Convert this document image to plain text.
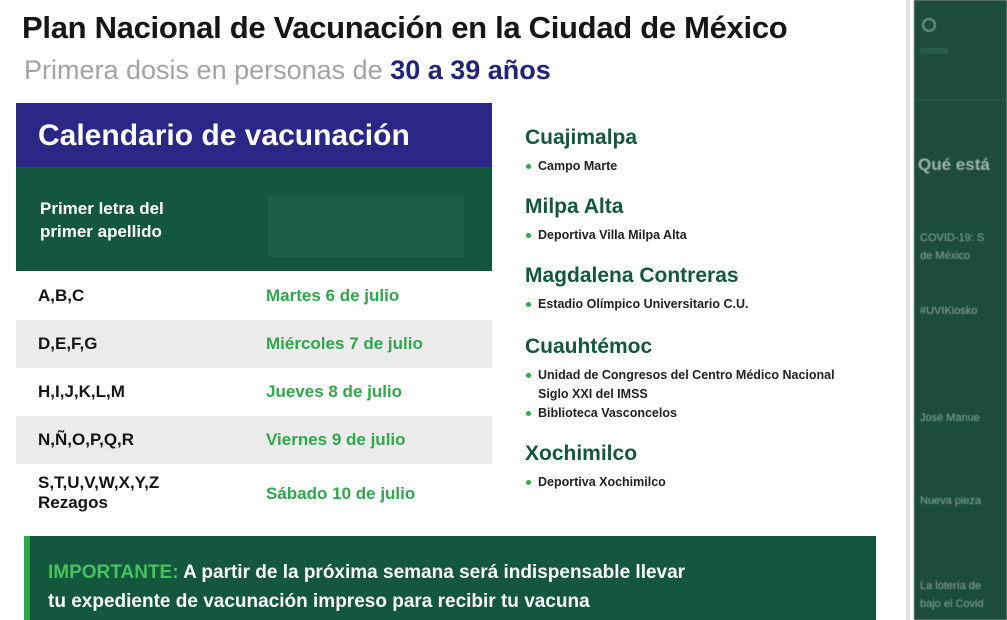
Plan Nacional de Vacunación en la Ciudad de México
Primera dosis en personas de 30 a 39 años
Calendario de vacunación
Primer letra del
primer apellido
A,B,C	Martes 6 de julio
D,E,F,G	Miércoles 7 de julio
H,I,J,K,L,M	Jueves 8 de julio
N,Ñ,O,P,Q,R	Viernes 9 de julio
S,T,U,V,W,X,Y,Z
Rezagos	Sábado 10 de julio
Cuajimalpa
Campo Marte
Milpa Alta
Deportiva Villa Milpa Alta
Magdalena Contreras
Estadio Olímpico Universitario C.U.
Cuauhtémoc
Unidad de Congresos del Centro Médico Nacional
Siglo XXI del IMSS
Biblioteca Vasconcelos
Xochimilco
Deportiva Xochimilco
IMPORTANTE: A partir de la próxima semana será indispensable llevar
tu expediente de vacunación impreso para recibir tu vacuna
Qué está
COVID-19: S
de México
#UVIKiosko
José Manue
Nueva pieza
La lotería de
bajo el Covid
